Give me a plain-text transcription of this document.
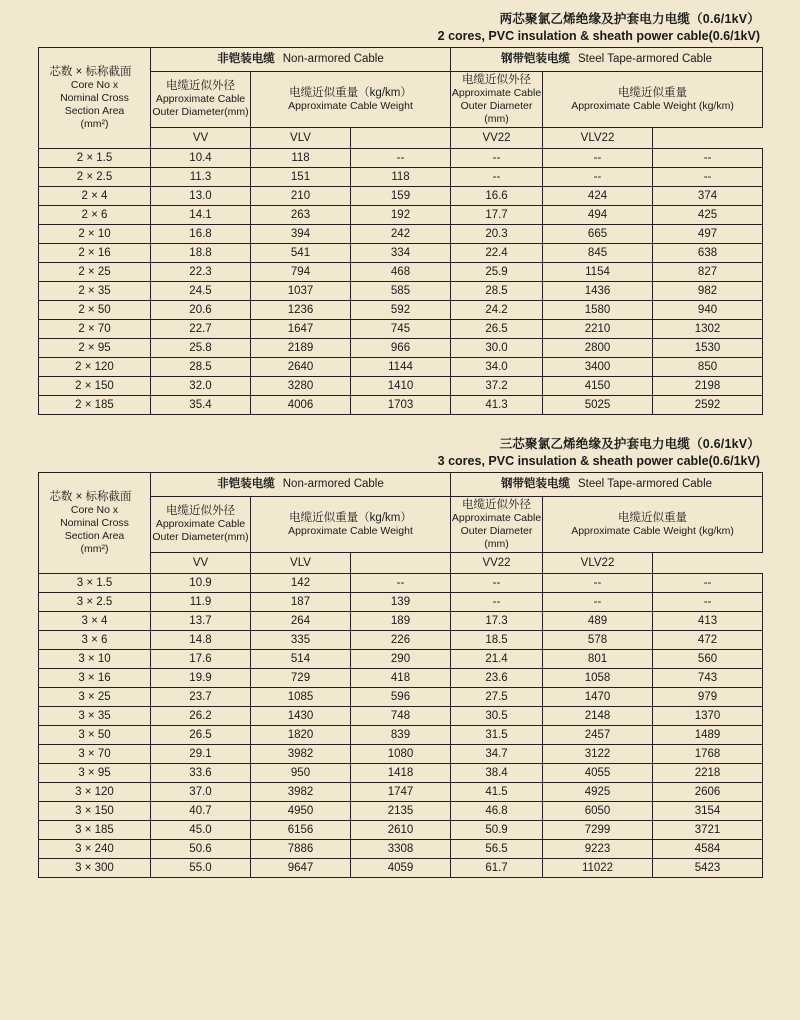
两芯聚氯乙烯绝缘及护套电力电缆（0.6/1kV）
2 cores, PVC insulation & sheath power cable(0.6/1kV)
芯数 × 标称截面
Core No x
Nominal Cross
Section Area
(mm²)	非铠装电缆 Non-armored Cable			钢带铠装电缆 Steel Tape-armored Cable		

	电缆近似外径
Approximate Cable Outer Diameter(mm)	电缆近似重量（kg/km）
Approximate Cable Weight		电缆近似外径
Approximate Cable Outer Diameter (mm)	电缆近似重量
Approximate Cable Weight (kg/km)	

	VV	VLV		VV22	VLV22	
2 × 1.5	10.4	118	--	--	--	--
2 × 2.5	11.3	151	118	--	--	--
2 × 4	13.0	210	159	16.6	424	374
2 × 6	14.1	263	192	17.7	494	425
2 × 10	16.8	394	242	20.3	665	497
2 × 16	18.8	541	334	22.4	845	638
2 × 25	22.3	794	468	25.9	1154	827
2 × 35	24.5	1037	585	28.5	1436	982
2 × 50	20.6	1236	592	24.2	1580	940
2 × 70	22.7	1647	745	26.5	2210	1302
2 × 95	25.8	2189	966	30.0	2800	1530
2 × 120	28.5	2640	1144	34.0	3400	850
2 × 150	32.0	3280	1410	37.2	4150	2198
2 × 185	35.4	4006	1703	41.3	5025	2592
三芯聚氯乙烯绝缘及护套电力电缆（0.6/1kV）
3 cores, PVC insulation & sheath power cable(0.6/1kV)
芯数 × 标称截面
Core No x
Nominal Cross
Section Area
(mm²)	非铠装电缆 Non-armored Cable			钢带铠装电缆 Steel Tape-armored Cable		

	电缆近似外径
Approximate Cable Outer Diameter(mm)	电缆近似重量（kg/km）
Approximate Cable Weight		电缆近似外径
Approximate Cable Outer Diameter (mm)	电缆近似重量
Approximate Cable Weight (kg/km)	

	VV	VLV		VV22	VLV22	
3 × 1.5	10.9	142	--	--	--	--
3 × 2.5	11.9	187	139	--	--	--
3 × 4	13.7	264	189	17.3	489	413
3 × 6	14.8	335	226	18.5	578	472
3 × 10	17.6	514	290	21.4	801	560
3 × 16	19.9	729	418	23.6	1058	743
3 × 25	23.7	1085	596	27.5	1470	979
3 × 35	26.2	1430	748	30.5	2148	1370
3 × 50	26.5	1820	839	31.5	2457	1489
3 × 70	29.1	3982	1080	34.7	3122	1768
3 × 95	33.6	950	1418	38.4	4055	2218
3 × 120	37.0	3982	1747	41.5	4925	2606
3 × 150	40.7	4950	2135	46.8	6050	3154
3 × 185	45.0	6156	2610	50.9	7299	3721
3 × 240	50.6	7886	3308	56.5	9223	4584
3 × 300	55.0	9647	4059	61.7	11022	5423
